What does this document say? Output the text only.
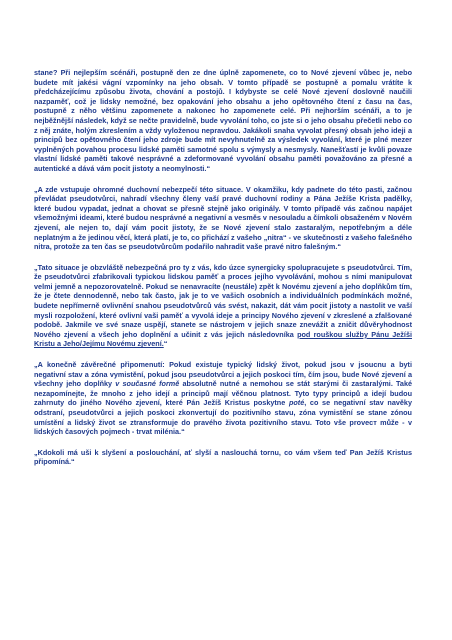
stane? Při nejlepším scénáři, postupně den ze dne úplně zapomenete, co to Nové zjevení vůbec je, nebo budete mít jakési vágní vzpomínky na jeho obsah. V tomto případě se postupně a pomalu vrátíte k předcházejícímu způsobu života, chování a postojů. I kdybyste se celé Nové zjevení doslovně naučili nazpaměť, což je lidsky nemožné, bez opakování jeho obsahu a jeho opětovného čtení z času na čas, postupně z něho většinu zapomenete a nakonec ho zapomenete celé. Při nejhorším scénáři, a to je nejběžnější následek, když se nečte pravidelně, bude vyvolání toho, co jste si o jeho obsahu přečetli nebo co z něj znáte, holým zkreslením a vždy vyloženou nepravdou. Jakákoli snaha vyvolat přesný obsah jeho ideji a principů bez opětovného čtení jeho zdroje bude mít nevyhnutelně za výsledek vyvolání, které je plné mezer vyplněných povahou procesu lidské paměti samotné spolu s výmysly a nesmysly. Nanešťastí je kvůli povaze vlastní lidské paměti takové nesprávné a zdeformované vyvolání obsahu paměti považováno za přesné a autentické a dává vám pocit jistoty a neomylnosti.“

„A zde vstupuje ohromné duchovní nebezpečí této situace. V okamžiku, kdy padnete do této pasti, začnou převládat pseudotvůrci, nahradí všechny členy vaší pravé duchovní rodiny a Pána Ježíše Krista padělky, které budou vypadat, jednat a chovat se přesně stejně jako originály. V tomto případě vás začnou napájet všemožnými ideami, které budou nesprávné a negativní a vesměs v nesouladu a čímkoli obsaženém v Novém zjevení, ale nejen to, dají vám pocit jistoty, že se Nové zjevení stalo zastaralým, nepotřebným a déle neplatným a že jedinou věcí, která platí, je to, co přichází z vašeho „nitra“ - ve skutečnosti z vašeho falešného nitra, protože za ten čas se pseudotvůrcům podařilo nahradit vaše pravé nitro falešným.“

„Tato situace je obzvláště nebezpečná pro ty z vás, kdo úzce synergicky spolupracujete s pseudotvůrci. Tím, že pseudotvůrci zfabrikovali typickou lidskou paměť a proces jejího vyvolávání, mohou s ními manipulovat velmi jemně a nepozorovatelně. Pokud se nenavracíte (neustále) zpět k Novému zjevení a jeho doplňkům tím, že je čtete dennodenně, nebo tak často, jak je to ve vašich osobních a individuálních podmínkách možné, budete nepřímerně ovlivnění snahou pseudotvůrců vás svést, nakazit, dát vám pocit jistoty a nastolit ve vaší mysli rozpoložení, které ovlivní vaši paměť a vyvolá ideje a principy Nového zjevení v zkreslené a zfalšované podobě. Jakmile ve své snaze uspějí, stanete se nástrojem v jejich snaze znevážit a zničit důvěryhodnost Nového zjevení a všech jeho doplnění a učinit z vás jejich následovníka pod rouškou služby Pánu Ježíši Kristu a Jeho/Jejímu Novému zjevení.“

„A konečně závěrečné připomenutí: Pokud existuje typický lidský život, pokud jsou v jsoucnu a byti negativní stav a zóna vymistění, pokud jsou pseudotvůrci a jejich poskoci tím, čím jsou, bude Nové zjevení a všechny jeho doplňky v současné formě absolutně nutné a nemohou se stát starými či zastaralými. Také nezapomínejte, že mnoho z jeho idejí a principů mají věčnou platnost. Tyto typy principů a idejí budou zahrnuty do jiného Nového zjevení, které Pán Ježíš Kristus poskytne poté, co se negativní stav navěky odstraní, pseudotvůrci a jejich poskoci zkonvertují do pozitivního stavu, zóna vymistění se stane zónou umístění a lidský život se ztransformuje do pravého života pozitivního stavu. Toto vše proveст může - v lidských časových pojmech - trvat milénia.“

„Kdokoli má uši k slyšení a poslouchání, ať slyší a naslouchá tornu, co vám všem teď Pan Ježíš Kristus připomíná.“
